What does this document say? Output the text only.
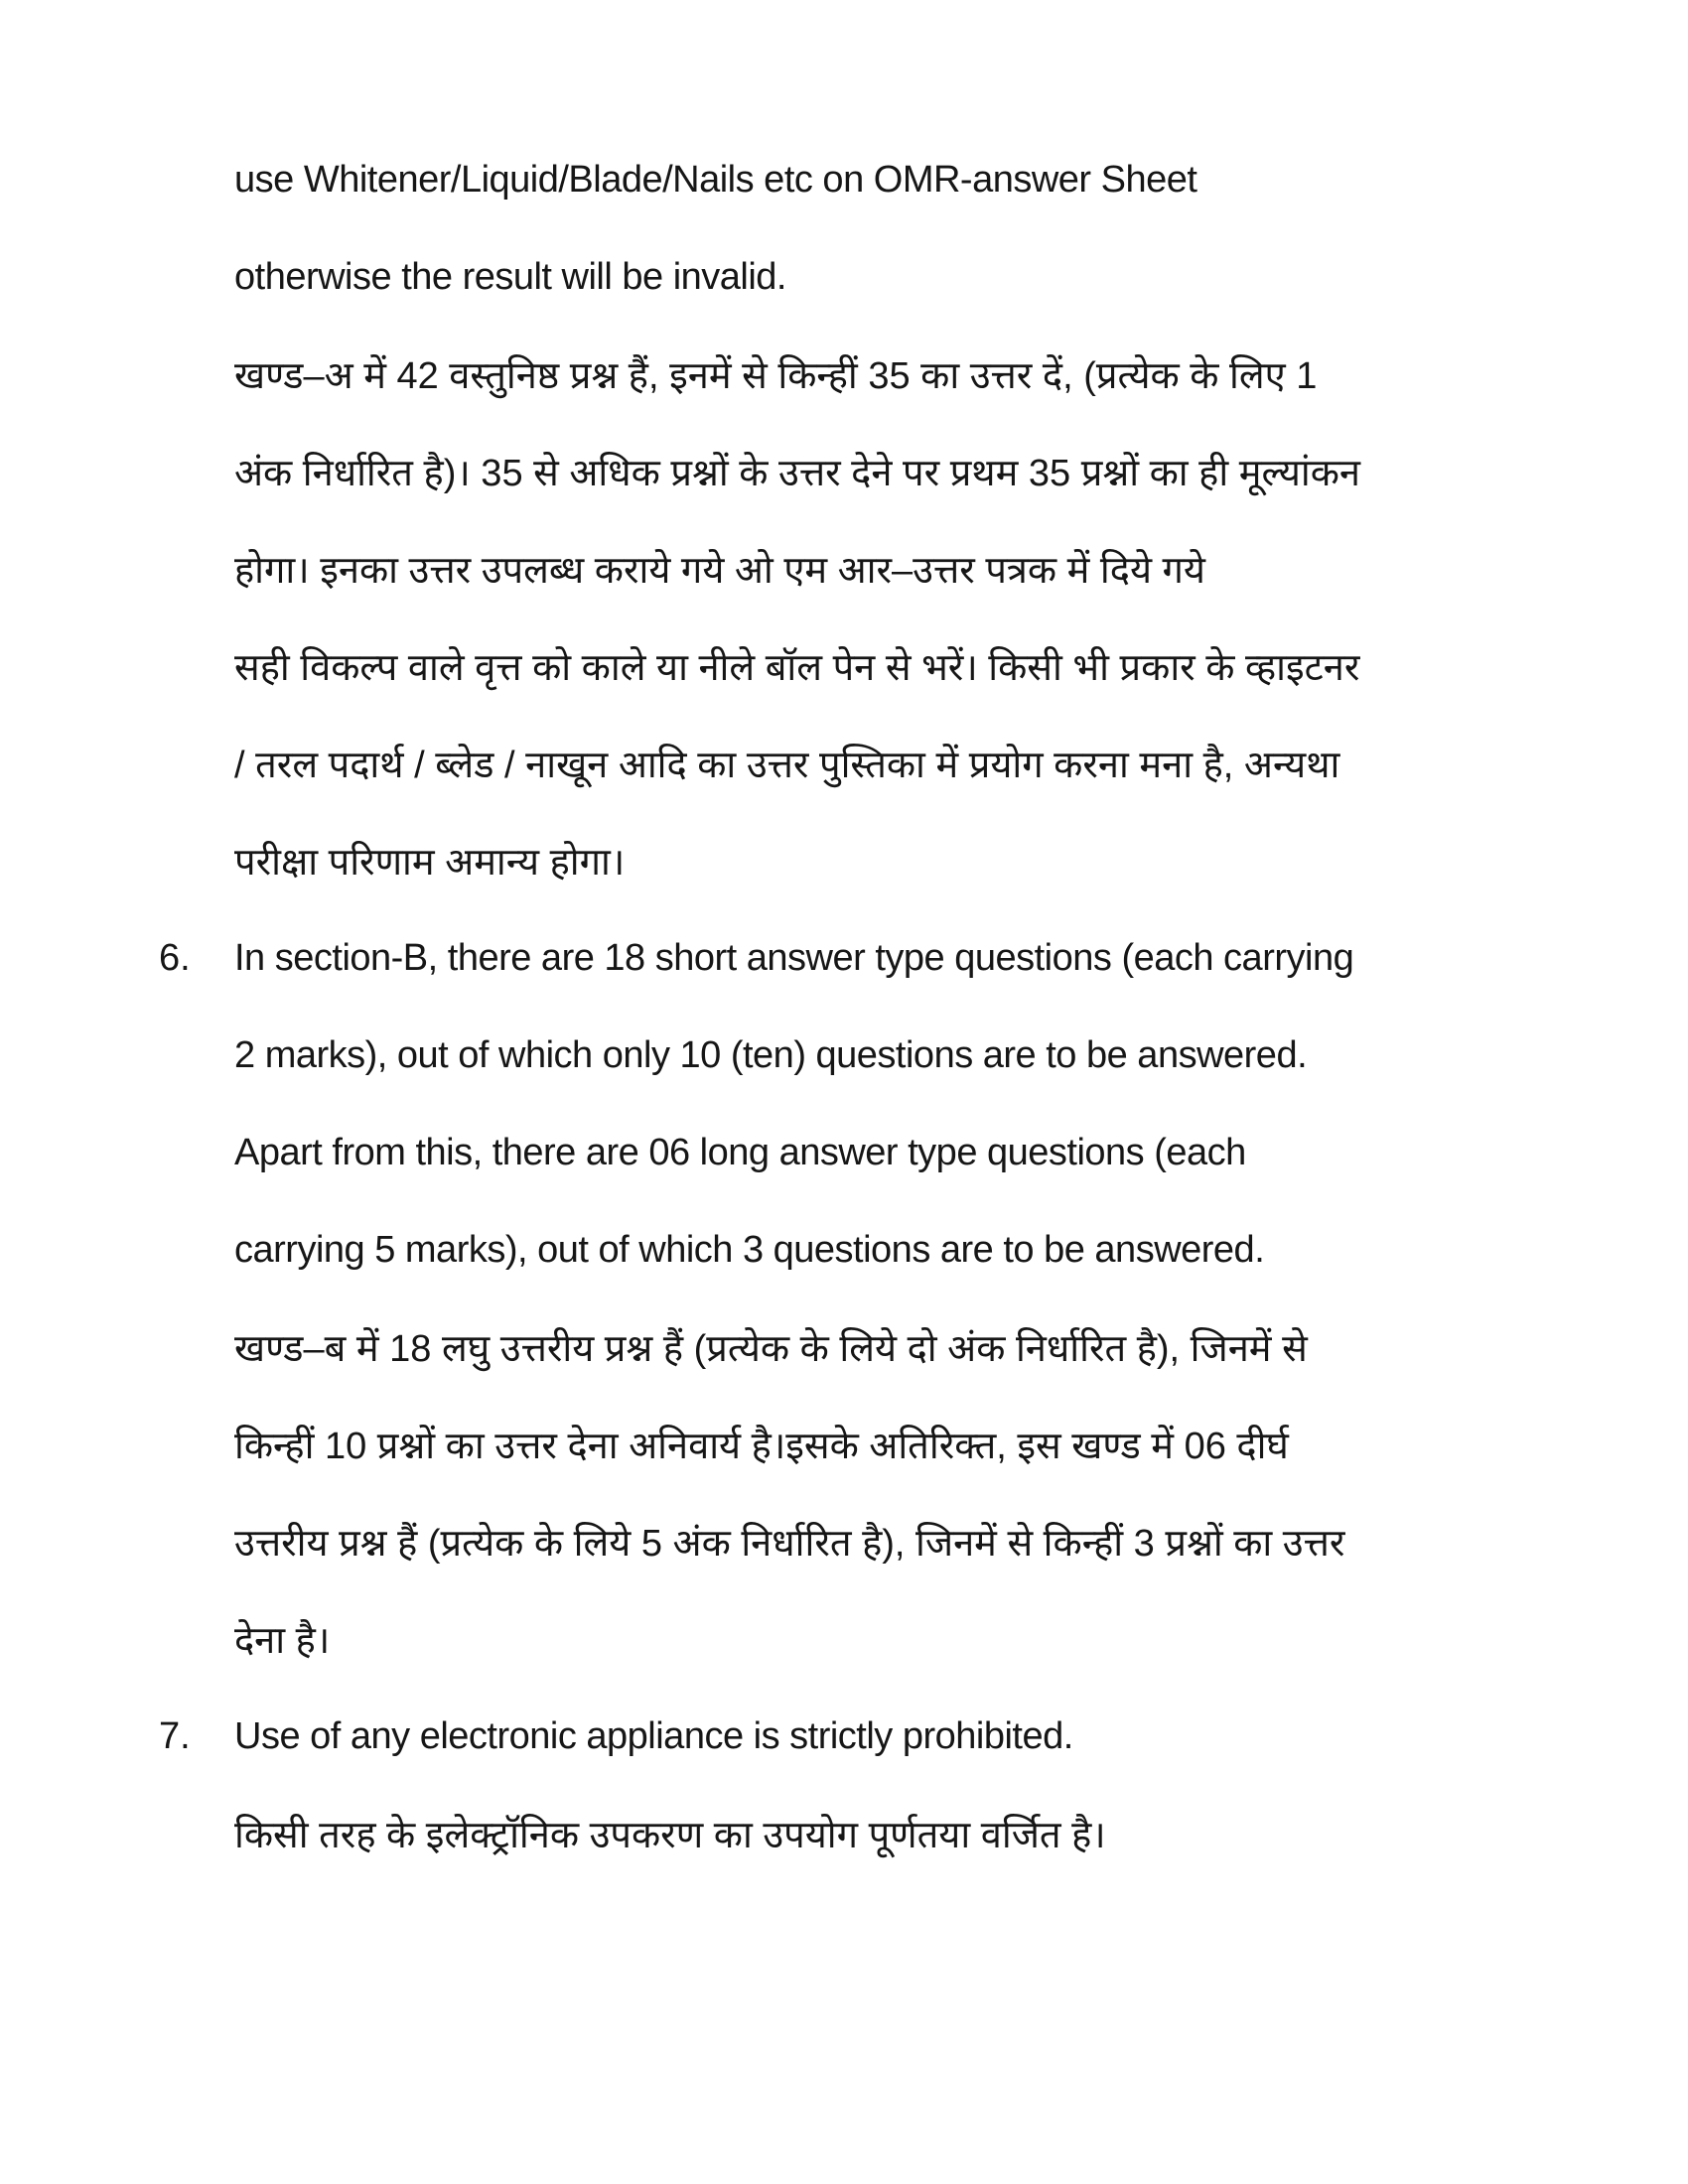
use Whitener/Liquid/Blade/Nails etc on OMR-answer Sheet
otherwise the result will be invalid.
खण्ड–अ में 42 वस्तुनिष्ठ प्रश्न हैं, इनमें से किन्हीं 35 का उत्तर दें, (प्रत्येक के लिए 1
अंक निर्धारित है)। 35 से अधिक प्रश्नों के उत्तर देने पर प्रथम 35 प्रश्नों का ही मूल्यांकन
होगा। इनका उत्तर उपलब्ध कराये गये ओ एम आर–उत्तर पत्रक में दिये गये
सही विकल्प वाले वृत्त को काले या नीले बॉल पेन से भरें। किसी भी प्रकार के व्हाइटनर
/ तरल पदार्थ / ब्लेड / नाखून आदि का उत्तर पुस्तिका में प्रयोग करना मना है, अन्यथा
परीक्षा परिणाम अमान्य होगा।
6. In section-B, there are 18 short answer type questions (each carrying
2 marks), out of which only 10 (ten) questions are to be answered.
Apart from this, there are 06 long answer type questions (each
carrying 5 marks), out of which 3 questions are to be answered.
खण्ड–ब में 18 लघु उत्तरीय प्रश्न हैं (प्रत्येक के लिये दो अंक निर्धारित है), जिनमें से
किन्हीं 10 प्रश्नों का उत्तर देना अनिवार्य है।इसके अतिरिक्त, इस खण्ड में 06 दीर्घ
उत्तरीय प्रश्न हैं (प्रत्येक के लिये 5 अंक निर्धारित है), जिनमें से किन्हीं 3 प्रश्नों का उत्तर
देना है।
7. Use of any electronic appliance is strictly prohibited.
किसी तरह के इलेक्ट्रॉनिक उपकरण का उपयोग पूर्णतया वर्जित है।
